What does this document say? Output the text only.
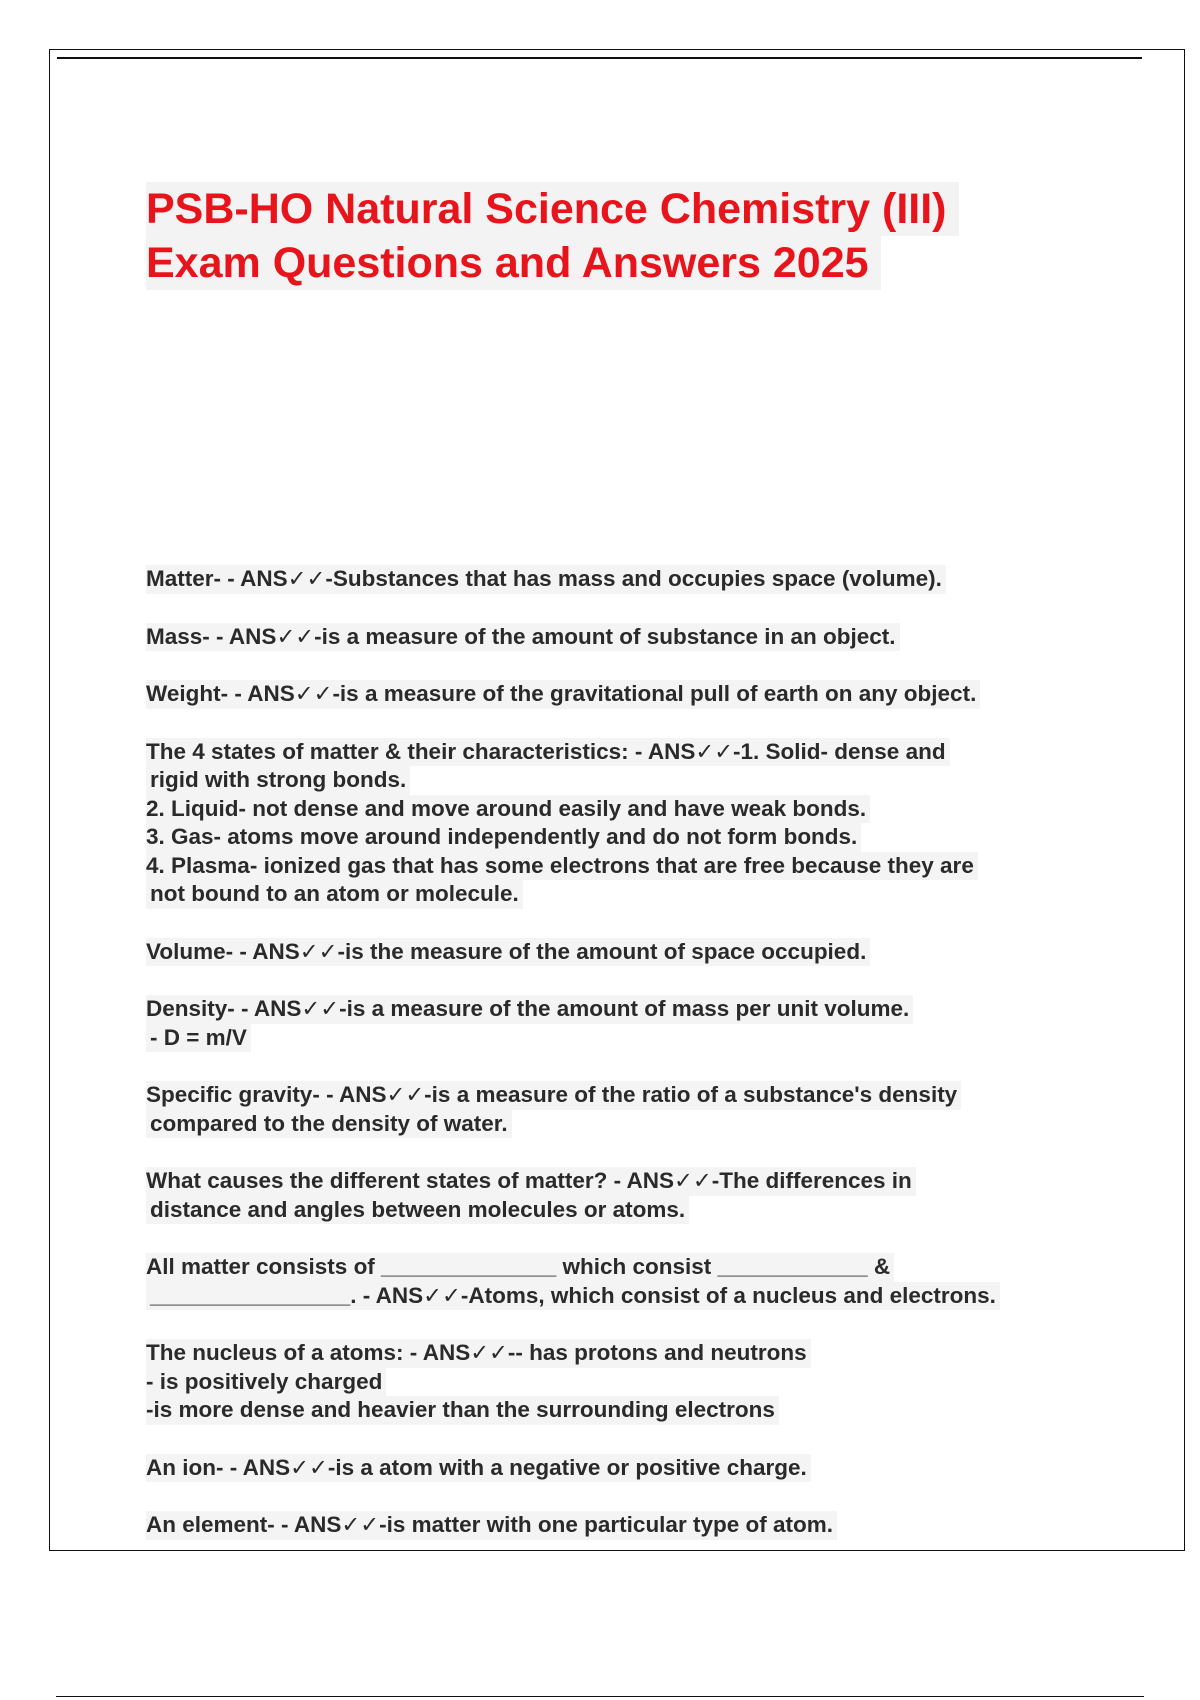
PSB-HO Natural Science Chemistry (III)
Exam Questions and Answers 2025
Matter- - ANS✓✓-Substances that has mass and occupies space (volume).
Mass- - ANS✓✓-is a measure of the amount of substance in an object.
Weight- - ANS✓✓-is a measure of the gravitational pull of earth on any object.
The 4 states of matter & their characteristics: - ANS✓✓-1. Solid- dense and
rigid with strong bonds.
2. Liquid- not dense and move around easily and have weak bonds.
3. Gas- atoms move around independently and do not form bonds.
4. Plasma- ionized gas that has some electrons that are free because they are
not bound to an atom or molecule.
Volume- - ANS✓✓-is the measure of the amount of space occupied.
Density- - ANS✓✓-is a measure of the amount of mass per unit volume.
- D = m/V
Specific gravity- - ANS✓✓-is a measure of the ratio of a substance's density
compared to the density of water.
What causes the different states of matter? - ANS✓✓-The differences in
distance and angles between molecules or atoms.
All matter consists of ______________ which consist ____________ &
________________. - ANS✓✓-Atoms, which consist of a nucleus and electrons.
The nucleus of a atoms: - ANS✓✓-- has protons and neutrons
- is positively charged
-is more dense and heavier than the surrounding electrons
An ion- - ANS✓✓-is a atom with a negative or positive charge.
An element- - ANS✓✓-is matter with one particular type of atom.
